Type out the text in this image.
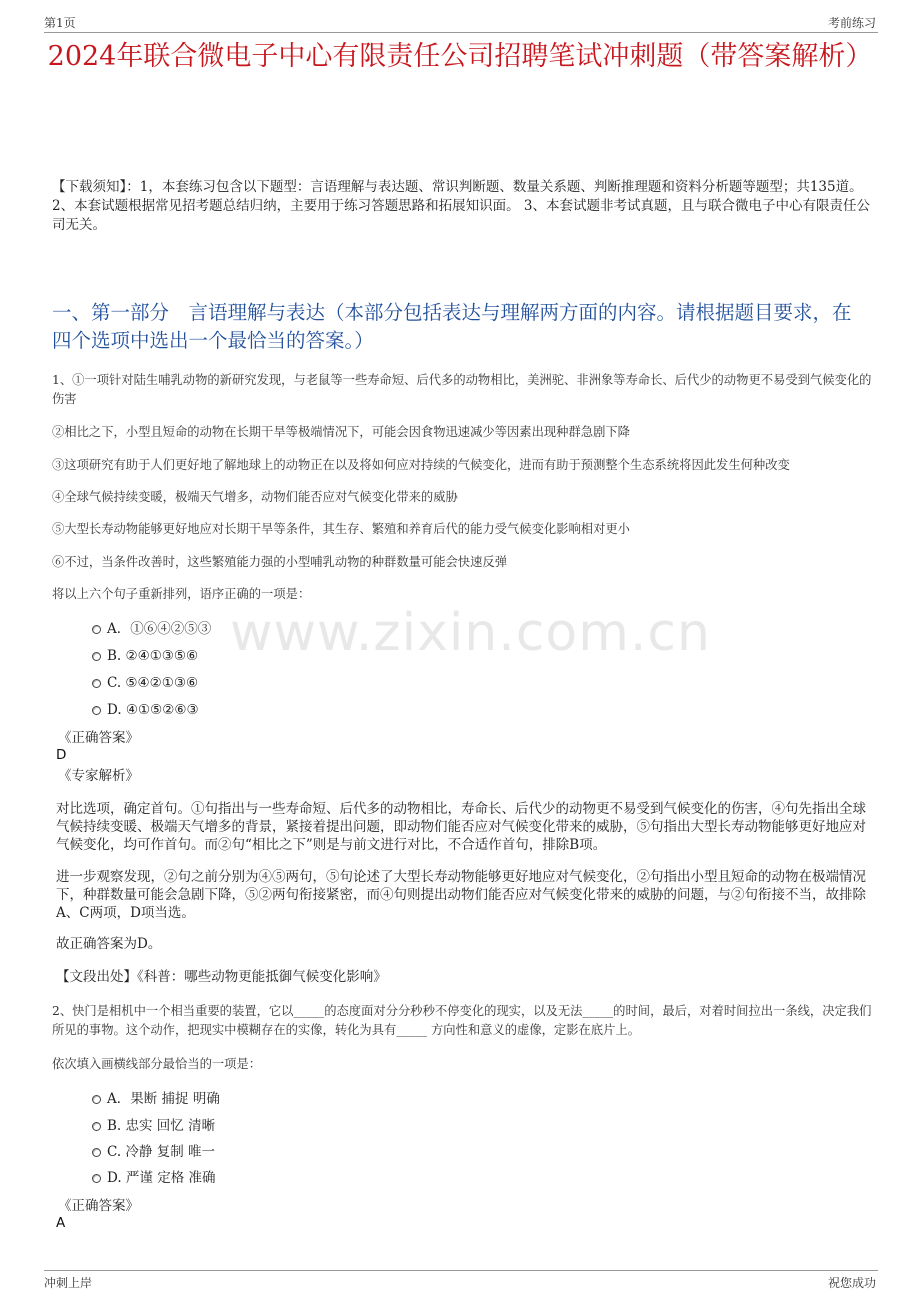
第1页	考前练习
2024年联合微电子中心有限责任公司招聘笔试冲刺题（带答案解析）
【下载须知】：1，本套练习包含以下题型：言语理解与表达题、常识判断题、数量关系题、判断推理题和资料分析题等题型；共135道。 2、本套试题根据常见招考题总结归纳，主要用于练习答题思路和拓展知识面。 3、本套试题非考试真题，且与联合微电子中心有限责任公司无关。
一、第一部分　言语理解与表达（本部分包括表达与理解两方面的内容。请根据题目要求，在四个选项中选出一个最恰当的答案。）
www.zixin.com.cn
1、①一项针对陆生哺乳动物的新研究发现，与老鼠等一些寿命短、后代多的动物相比，美洲驼、非洲象等寿命长、后代少的动物更不易受到气候变化的伤害
②相比之下，小型且短命的动物在长期干旱等极端情况下，可能会因食物迅速减少等因素出现种群急剧下降
③这项研究有助于人们更好地了解地球上的动物正在以及将如何应对持续的气候变化，进而有助于预测整个生态系统将因此发生何种改变
④全球气候持续变暖，极端天气增多，动物们能否应对气候变化带来的威胁
⑤大型长寿动物能够更好地应对长期干旱等条件，其生存、繁殖和养育后代的能力受气候变化影响相对更小
⑥不过，当条件改善时，这些繁殖能力强的小型哺乳动物的种群数量可能会快速反弹
将以上六个句子重新排列，语序正确的一项是：
A．①⑥④②⑤③
B. ②④①③⑤⑥
C. ⑤④②①③⑥
D. ④①⑤②⑥③
《正确答案》
D
《专家解析》
对比选项，确定首句。①句指出与一些寿命短、后代多的动物相比，寿命长、后代少的动物更不易受到气候变化的伤害，④句先指出全球气候持续变暖、极端天气增多的背景，紧接着提出问题，即动物们能否应对气候变化带来的威胁，⑤句指出大型长寿动物能够更好地应对气候变化，均可作首句。而②句“相比之下”则是与前文进行对比，不合适作首句，排除B项。
进一步观察发现，②句之前分别为④⑤两句，⑤句论述了大型长寿动物能够更好地应对气候变化，②句指出小型且短命的动物在极端情况下，种群数量可能会急剧下降，⑤②两句衔接紧密，而④句则提出动物们能否应对气候变化带来的威胁的问题，与②句衔接不当，故排除A、C两项，D项当选。
故正确答案为D。
【文段出处】《科普：哪些动物更能抵御气候变化影响》
2、快门是相机中一个相当重要的装置，它以_____的态度面对分分秒秒不停变化的现实，以及无法_____的时间，最后，对着时间拉出一条线，决定我们所见的事物。这个动作，把现实中模糊存在的实像，转化为具有_____ 方向性和意义的虚像，定影在底片上。
依次填入画横线部分最恰当的一项是：
A．果断 捕捉 明确
B. 忠实 回忆 清晰
C. 冷静 复制 唯一
D. 严谨 定格 准确
《正确答案》
A
冲刺上岸	祝您成功
